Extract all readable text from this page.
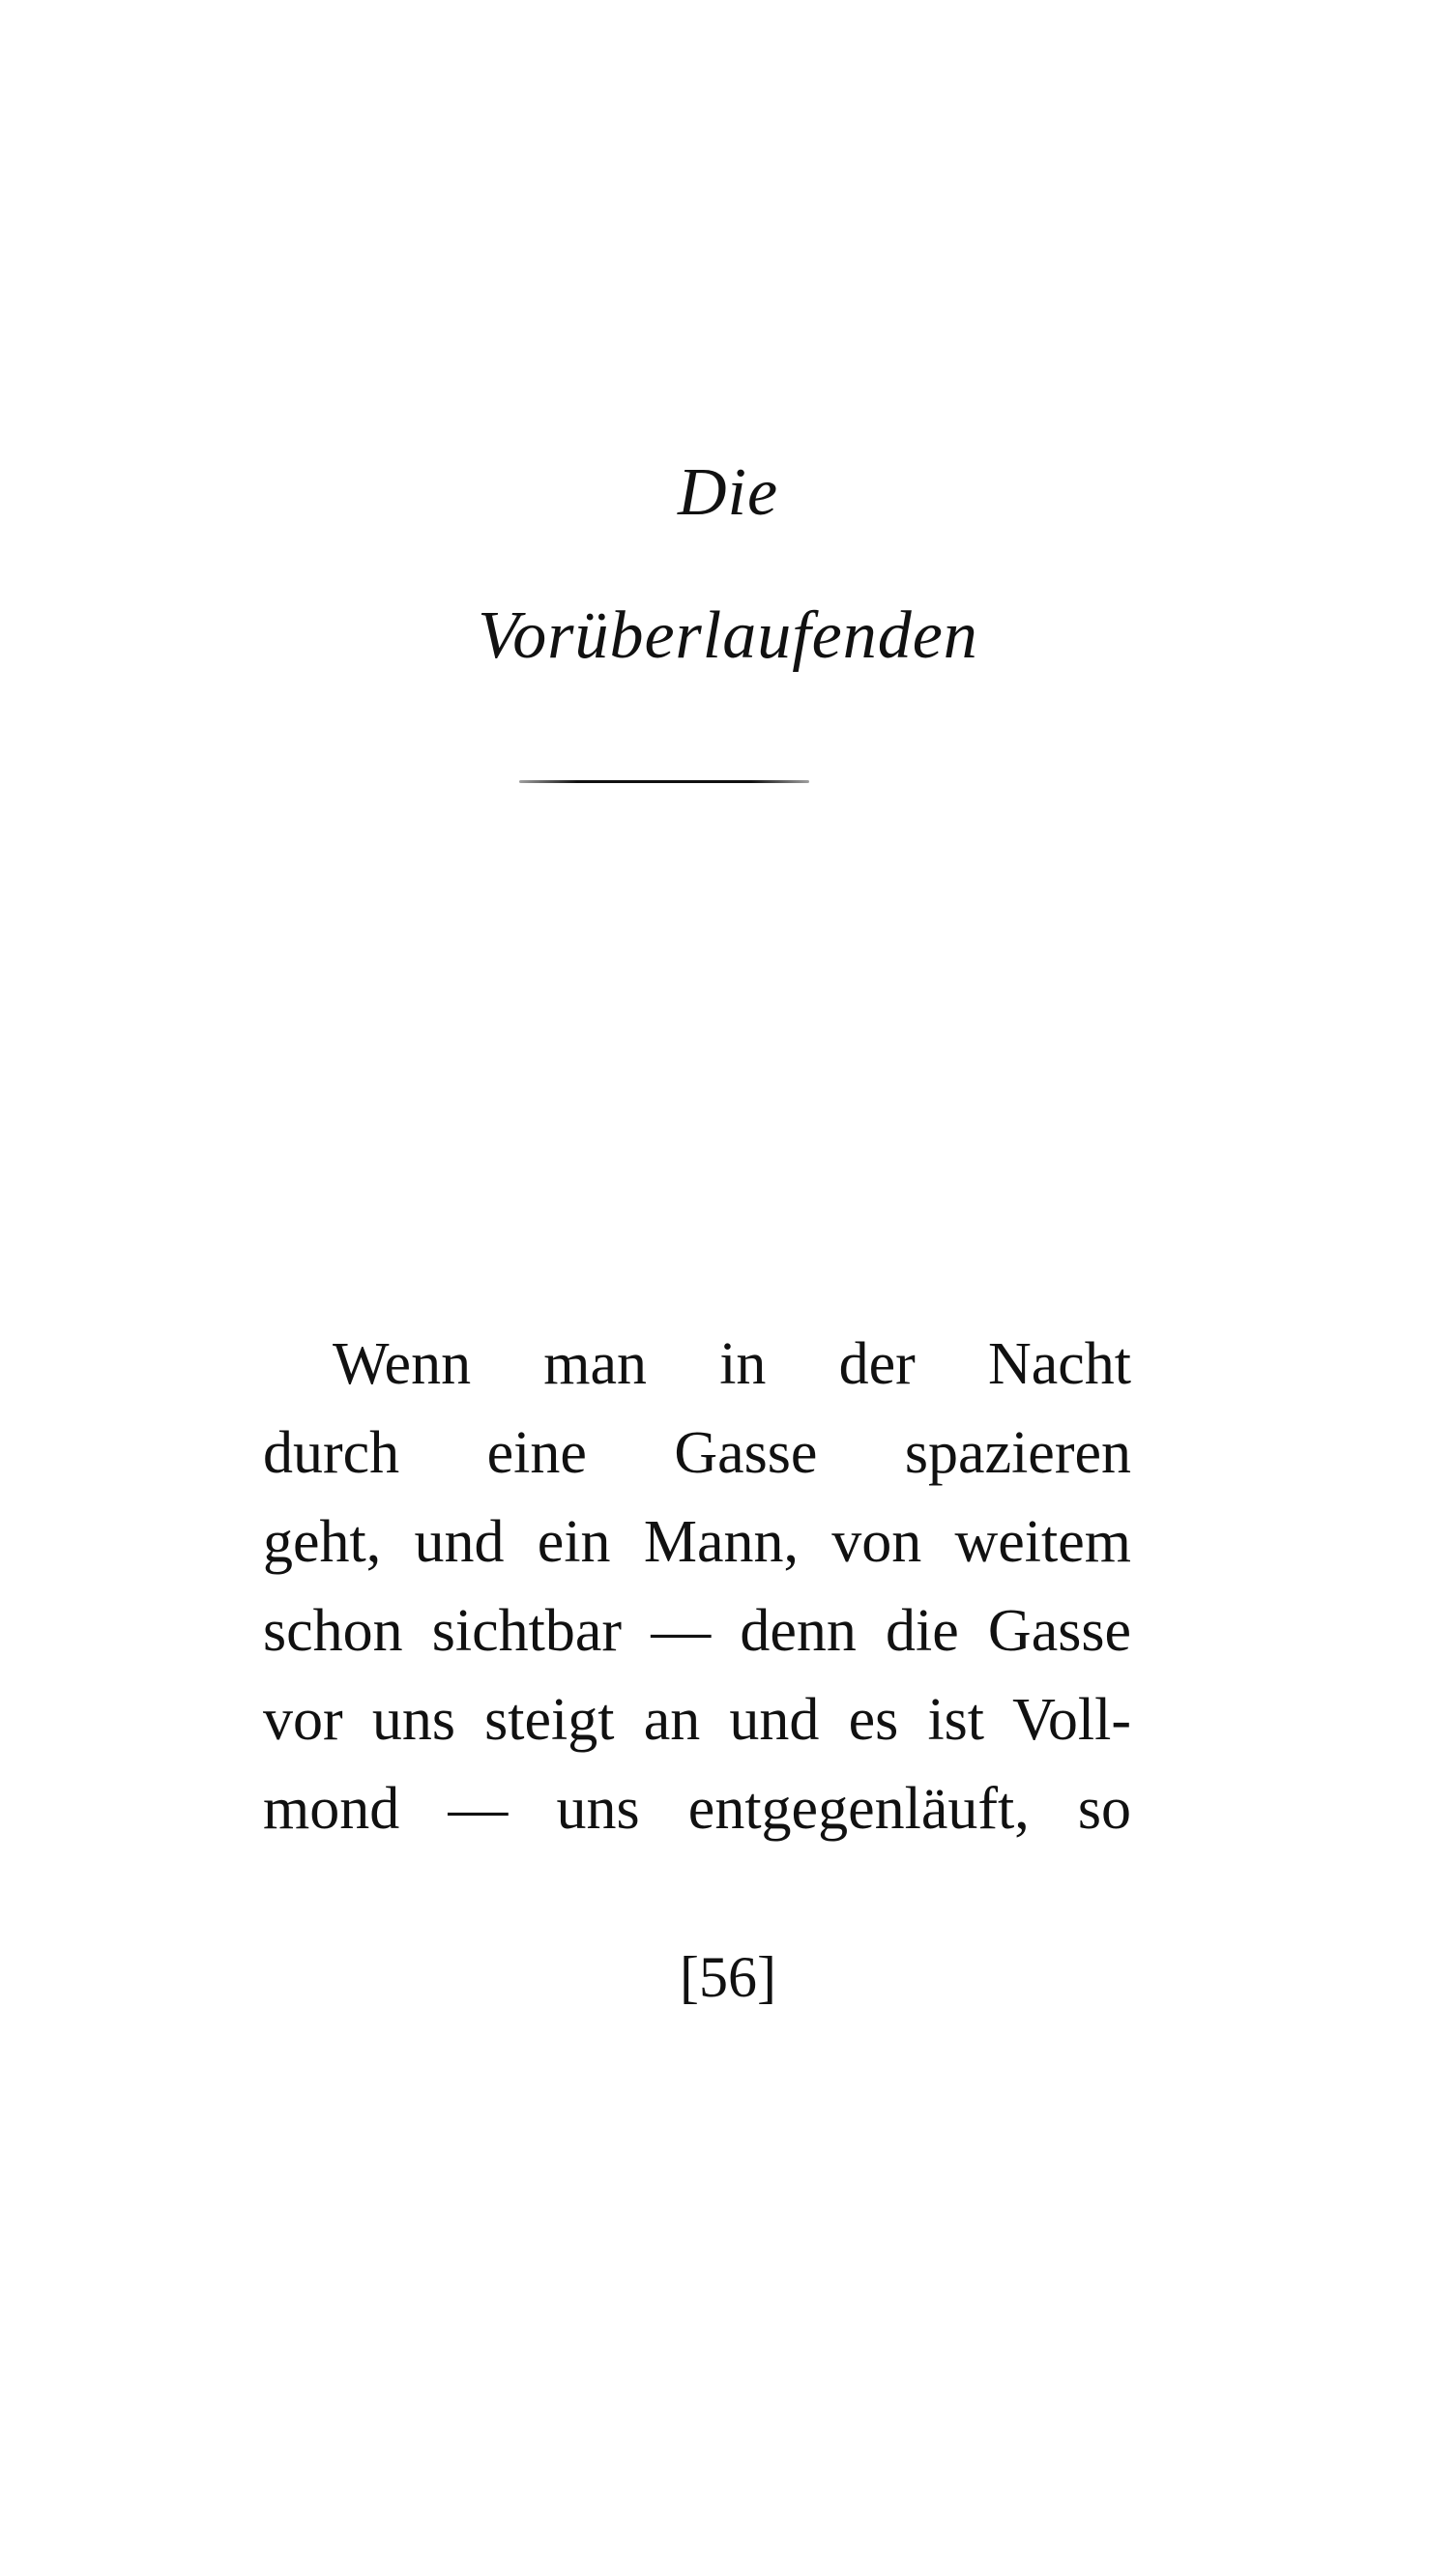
Die
Vorüberlaufenden
Wenn man in der Nacht
durch eine Gasse spazieren
geht, und ein Mann, von weitem
schon sichtbar — denn die Gasse
vor uns steigt an und es ist Voll-
mond — uns entgegenläuft, so
[56]
